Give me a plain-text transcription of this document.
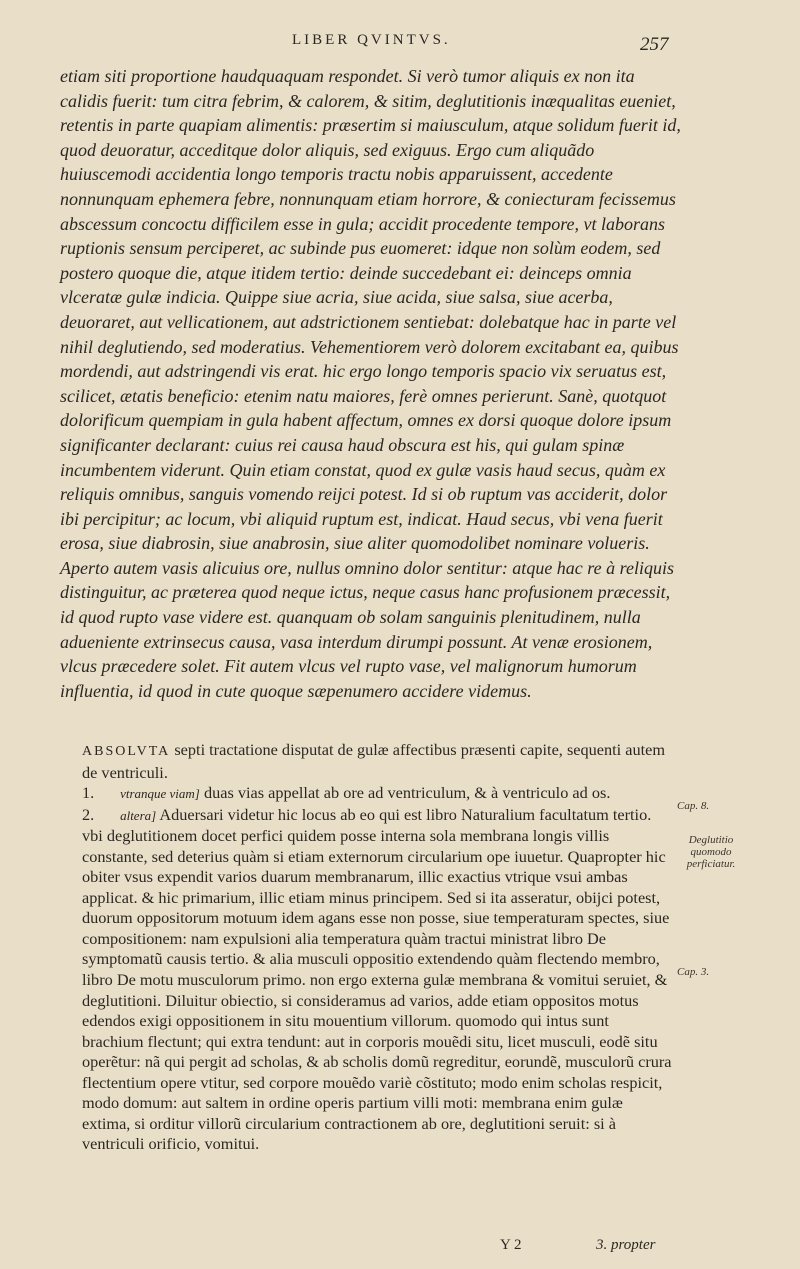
LIBER QVINTVS.	257

etiam siti proportione haudquaquam respondet. Si verò tumor aliquis ex non ita calidis fuerit: tum citra febrim, & calorem, & sitim, deglutitionis inæqualitas eueniet, retentis in parte quapiam alimentis: præsertim si maiusculum, atque solidum fuerit id, quod deuoratur, acceditque dolor aliquis, sed exiguus. Ergo cum aliquãdo huiuscemodi accidentia longo temporis tractu nobis apparuissent, accedente nonnunquam ephemera febre, nonnunquam etiam horrore, & coniecturam fecissemus abscessum concoctu difficilem esse in gula; accidit procedente tempore, vt laborans ruptionis sensum perciperet, ac subinde pus euomeret: idque non solùm eodem, sed postero quoque die, atque itidem tertio: deinde succedebant ei: deinceps omnia vlceratæ gulæ indicia. Quippe siue acria, siue acida, siue salsa, siue acerba, deuoraret, aut vellicationem, aut adstrictionem sentiebat: dolebatque hac in parte vel nihil deglutiendo, sed moderatius. Vehementiorem verò dolorem excitabant ea, quibus mordendi, aut adstringendi vis erat. hic ergo longo temporis spacio vix seruatus est, scilicet, ætatis beneficio: etenim natu maiores, ferè omnes perierunt. Sanè, quotquot dolorificum quempiam in gula habent affectum, omnes ex dorsi quoque dolore ipsum significanter declarant: cuius rei causa haud obscura est his, qui gulam spinæ incumbentem viderunt. Quin etiam constat, quod ex gulæ vasis haud secus, quàm ex reliquis omnibus, sanguis vomendo reijci potest. Id si ob ruptum vas acciderit, dolor ibi percipitur; ac locum, vbi aliquid ruptum est, indicat. Haud secus, vbi vena fuerit erosa, siue diabrosin, siue anabrosin, siue aliter quomodolibet nominare volueris. Aperto autem vasis alicuius ore, nullus omnino dolor sentitur: atque hac re à reliquis distinguitur, ac præterea quod neque ictus, neque casus hanc profusionem præcessit, id quod rupto vase videre est. quanquam ob solam sanguinis plenitudinem, nulla adueniente extrinsecus causa, vasa interdum dirumpi possunt. At venæ erosionem, vlcus præcedere solet. Fit autem vlcus vel rupto vase, vel malignorum humorum influentia, id quod in cute quoque sæpenumero accidere videmus.

ABSOLVTA septi tractatione disputat de gulæ affectibus præsenti capite, sequenti autem de ventriculi.

1. vtranque viam] duas vias appellat ab ore ad ventriculum, & à ventriculo ad os.

2. altera] Aduersari videtur hic locus ab eo qui est libro Naturalium facultatum tertio. vbi deglutitionem docet perfici quidem posse interna sola membrana longis villis constante, sed deterius quàm si etiam externorum circularium ope iuuetur. Quapropter hic obiter vsus expendit varios duarum membranarum, illic exactius vtrique vsui ambas applicat. & hic primarium, illic etiam minus principem. Sed si ita asseratur, obijci potest, duorum oppositorum motuum idem agans esse non posse, siue temperaturam spectes, siue compositionem: nam expulsioni alia temperatura quàm tractui ministrat libro De symptomatũ causis tertio. & alia musculi oppositio extendendo quàm flectendo membro, libro De motu musculorum primo. non ergo externa gulæ membrana & vomitui seruiet, & deglutitioni. Diluitur obiectio, si consideramus ad varios, adde etiam oppositos motus edendos exigi oppositionem in situ mouentium villorum. quomodo qui intus sunt brachium flectunt; qui extra tendunt: aut in corporis mouẽdi situ, licet musculi, eodẽ situ operẽtur: nã qui pergit ad scholas, & ab scholis domũ regreditur, eorundẽ, musculorũ crura flectentium opere vtitur, sed corpore mouẽdo variè cõstituto; modo enim scholas respicit, modo domum: aut saltem in ordine operis partium villi moti: membrana enim gulæ extima, si orditur villorũ circularium contractionem ab ore, deglutitioni seruit: si à ventriculi orificio, vomitui.

Cap. 8.
Deglutitio
quomodo
perficiatur.
Cap. 3.
Y 2	3. propter
